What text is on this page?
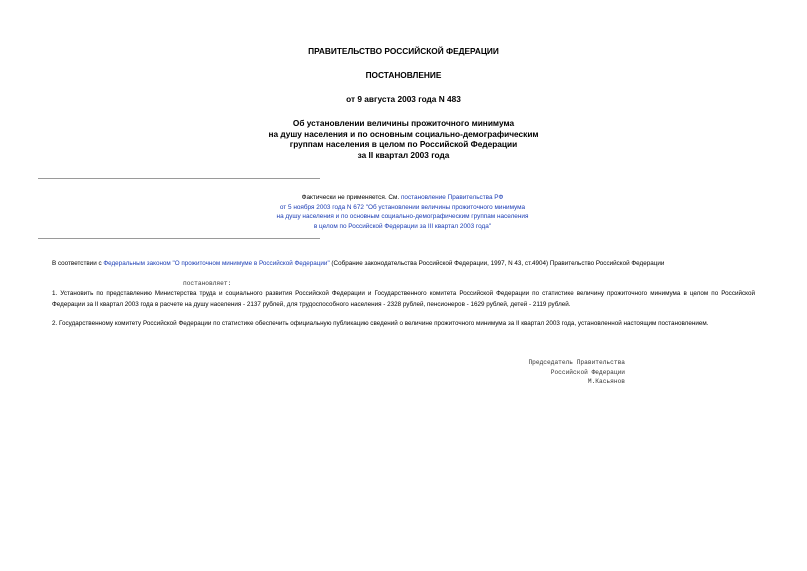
ПРАВИТЕЛЬСТВО РОССИЙСКОЙ ФЕДЕРАЦИИ
ПОСТАНОВЛЕНИЕ
от 9 августа 2003 года N 483
Об установлении величины прожиточного минимума
на душу населения и по основным социально-демографическим
группам населения в целом по Российской Федерации
за II квартал 2003 года
Фактически не применяется. См. постановление Правительства РФ
от 5 ноября 2003 года N 672 "Об установлении величины прожиточного минимума
на душу населения и по основным социально-демографическим группам населения
в целом по Российской Федерации за III квартал 2003 года"
В соответствии с Федеральным законом "О прожиточном минимуме в Российской Федерации" (Собрание законодательства Российской Федерации, 1997, N 43, ст.4904) Правительство Российской Федерации
постановляет:
1. Установить по представлению Министерства труда и социального развития Российской Федерации и Государственного комитета Российской Федерации по статистике величину прожиточного минимума в целом по Российской Федерации за II квартал 2003 года в расчете на душу населения - 2137 рублей, для трудоспособного населения - 2328 рублей, пенсионеров - 1629 рублей, детей - 2119 рублей.
2. Государственному комитету Российской Федерации по статистике обеспечить официальную публикацию сведений о величине прожиточного минимума за II квартал 2003 года, установленной настоящим постановлением.
Председатель Правительства
Российской Федерации
М.Касьянов
